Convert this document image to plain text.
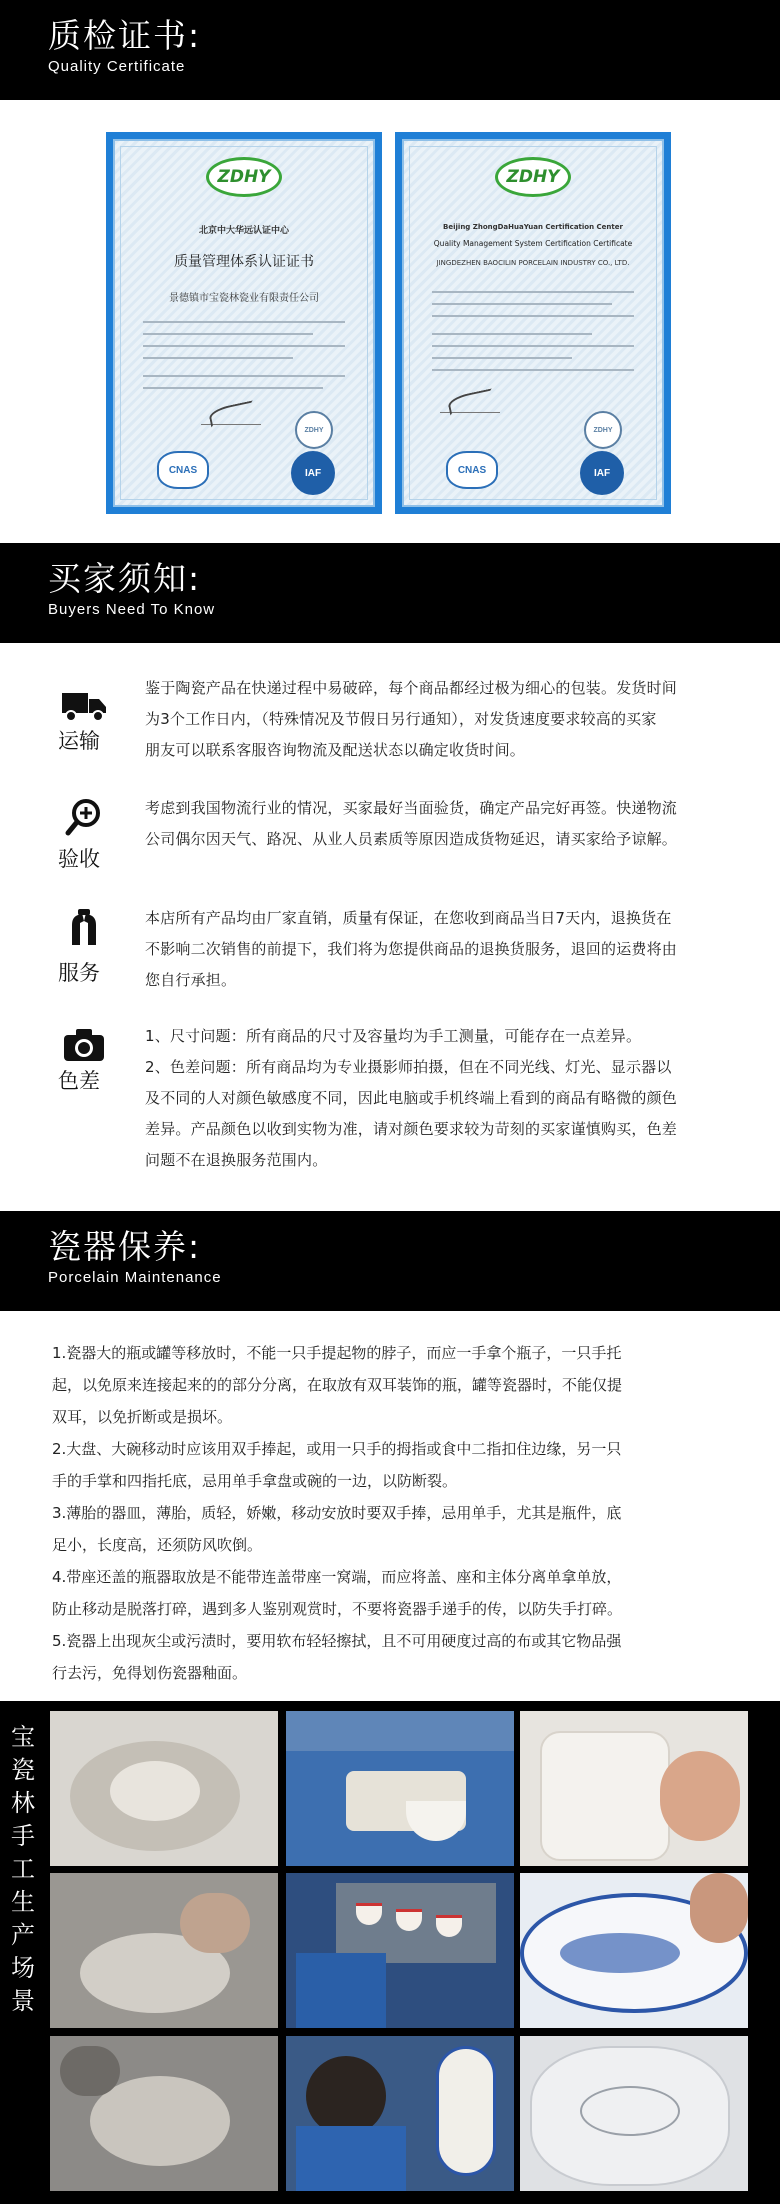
质检证书:
Quality Certificate
ZDHY
北京中大华远认证中心
质量管理体系认证证书
景德镇市宝瓷林瓷业有限责任公司
ZDHY
CNAS	IAF
ZDHY
Beijing ZhongDaHuaYuan Certification Center
Quality Management System Certification Certificate
JINGDEZHEN BAOCILIN PORCELAIN INDUSTRY CO., LTD.
ZDHY
CNAS	IAF
买家须知:
Buyers Need To Know
运输

鉴于陶瓷产品在快递过程中易破碎，每个商品都经过极为细心的包装。发货时间

为3个工作日内，（特殊情况及节假日另行通知），对发货速度要求较高的买家

朋友可以联系客服咨询物流及配送状态以确定收货时间。

验收

考虑到我国物流行业的情况，买家最好当面验货，确定产品完好再签。快递物流

公司偶尔因天气、路况、从业人员素质等原因造成货物延迟，请买家给予谅解。

服务

本店所有产品均由厂家直销，质量有保证，在您收到商品当日7天内，退换货在

不影响二次销售的前提下，我们将为您提供商品的退换货服务，退回的运费将由

您自行承担。

色差

1、尺寸问题：所有商品的尺寸及容量均为手工测量，可能存在一点差异。

2、色差问题：所有商品均为专业摄影师拍摄，但在不同光线、灯光、显示器以

及不同的人对颜色敏感度不同，因此电脑或手机终端上看到的商品有略微的颜色

差异。产品颜色以收到实物为准，请对颜色要求较为苛刻的买家谨慎购买，色差

问题不在退换服务范围内。

瓷器保养:
Porcelain Maintenance
1.瓷器大的瓶或罐等移放时，不能一只手提起物的脖子，而应一手拿个瓶子，一只手托
起，以免原来连接起来的的部分分离，在取放有双耳装饰的瓶，罐等瓷器时，不能仅提
双耳，以免折断或是损坏。
2.大盘、大碗移动时应该用双手捧起，或用一只手的拇指或食中二指扣住边缘，另一只
手的手掌和四指托底，忌用单手拿盘或碗的一边，以防断裂。
3.薄胎的器皿，薄胎，质轻，娇嫩，移动安放时要双手捧，忌用单手，尤其是瓶件，底
足小，长度高，还须防风吹倒。
4.带座还盖的瓶器取放是不能带连盖带座一窝端，而应将盖、座和主体分离单拿单放，
防止移动是脱落打碎，遇到多人鉴别观赏时，不要将瓷器手递手的传，以防失手打碎。
5.瓷器上出现灰尘或污渍时，要用软布轻轻擦拭，且不可用硬度过高的布或其它物品强
行去污，免得划伤瓷器釉面。
宝
瓷
林
手
工
生
产
场
景
